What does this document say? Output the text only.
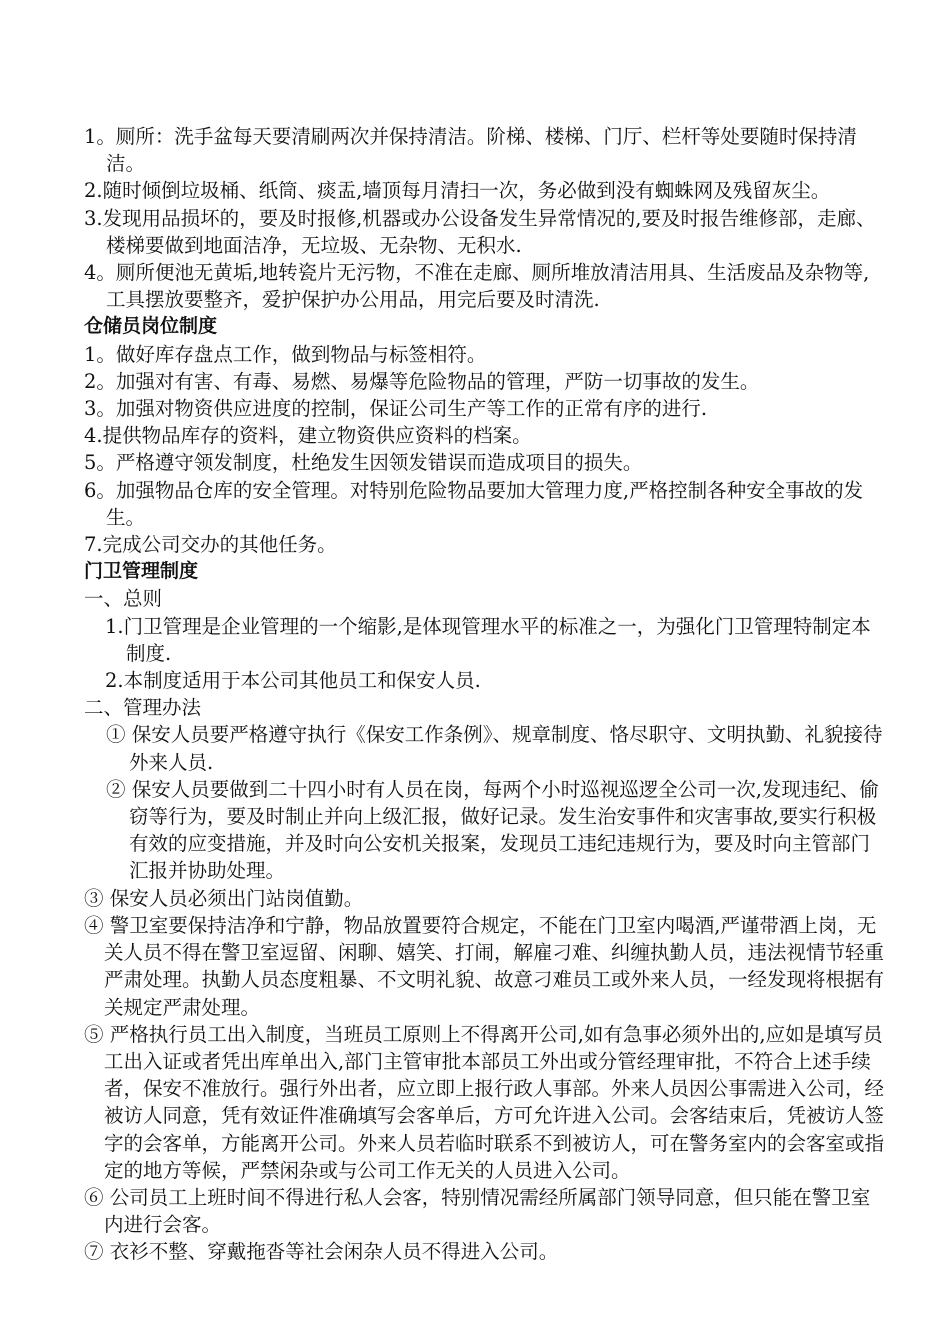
1。厕所：洗手盆每天要清刷两次并保持清洁。阶梯、楼梯、门厅、栏杆等处要随时保持清洁。

2.随时倾倒垃圾桶、纸筒、痰盂,墙顶每月清扫一次，务必做到没有蜘蛛网及残留灰尘。

3.发现用品损坏的，要及时报修,机器或办公设备发生异常情况的,要及时报告维修部，走廊、楼梯要做到地面洁净，无垃圾、无杂物、无积水.

4。厕所便池无黄垢,地转瓷片无污物，不准在走廊、厕所堆放清洁用具、生活废品及杂物等,工具摆放要整齐，爱护保护办公用品，用完后要及时清洗.

仓储员岗位制度

1。做好库存盘点工作，做到物品与标签相符。

2。加强对有害、有毒、易燃、易爆等危险物品的管理，严防一切事故的发生。

3。加强对物资供应进度的控制，保证公司生产等工作的正常有序的进行.

4.提供物品库存的资料，建立物资供应资料的档案。

5。严格遵守领发制度，杜绝发生因领发错误而造成项目的损失。

6。加强物品仓库的安全管理。对特别危险物品要加大管理力度,严格控制各种安全事故的发生。

7.完成公司交办的其他任务。

门卫管理制度

一、总则

1.门卫管理是企业管理的一个缩影,是体现管理水平的标准之一，为强化门卫管理特制定本制度.

2.本制度适用于本公司其他员工和保安人员.

二、管理办法

① 保安人员要严格遵守执行《保安工作条例》、规章制度、恪尽职守、文明执勤、礼貌接待外来人员.

② 保安人员要做到二十四小时有人员在岗，每两个小时巡视巡逻全公司一次,发现违纪、偷窃等行为，要及时制止并向上级汇报，做好记录。发生治安事件和灾害事故,要实行积极有效的应变措施，并及时向公安机关报案，发现员工违纪违规行为，要及时向主管部门汇报并协助处理。

③ 保安人员必须出门站岗值勤。

④ 警卫室要保持洁净和宁静，物品放置要符合规定，不能在门卫室内喝酒,严谨带酒上岗，无关人员不得在警卫室逗留、闲聊、嬉笑、打闹，解雇刁难、纠缠执勤人员，违法视情节轻重严肃处理。执勤人员态度粗暴、不文明礼貌、故意刁难员工或外来人员，一经发现将根据有关规定严肃处理。

⑤ 严格执行员工出入制度，当班员工原则上不得离开公司,如有急事必须外出的,应如是填写员工出入证或者凭出库单出入,部门主管审批本部员工外出或分管经理审批，不符合上述手续者，保安不准放行。强行外出者，应立即上报行政人事部。外来人员因公事需进入公司，经被访人同意，凭有效证件准确填写会客单后，方可允许进入公司。会客结束后，凭被访人签字的会客单，方能离开公司。外来人员若临时联系不到被访人，可在警务室内的会客室或指定的地方等候，严禁闲杂或与公司工作无关的人员进入公司。

⑥ 公司员工上班时间不得进行私人会客，特别情况需经所属部门领导同意，但只能在警卫室内进行会客。

⑦ 衣衫不整、穿戴拖沓等社会闲杂人员不得进入公司。
